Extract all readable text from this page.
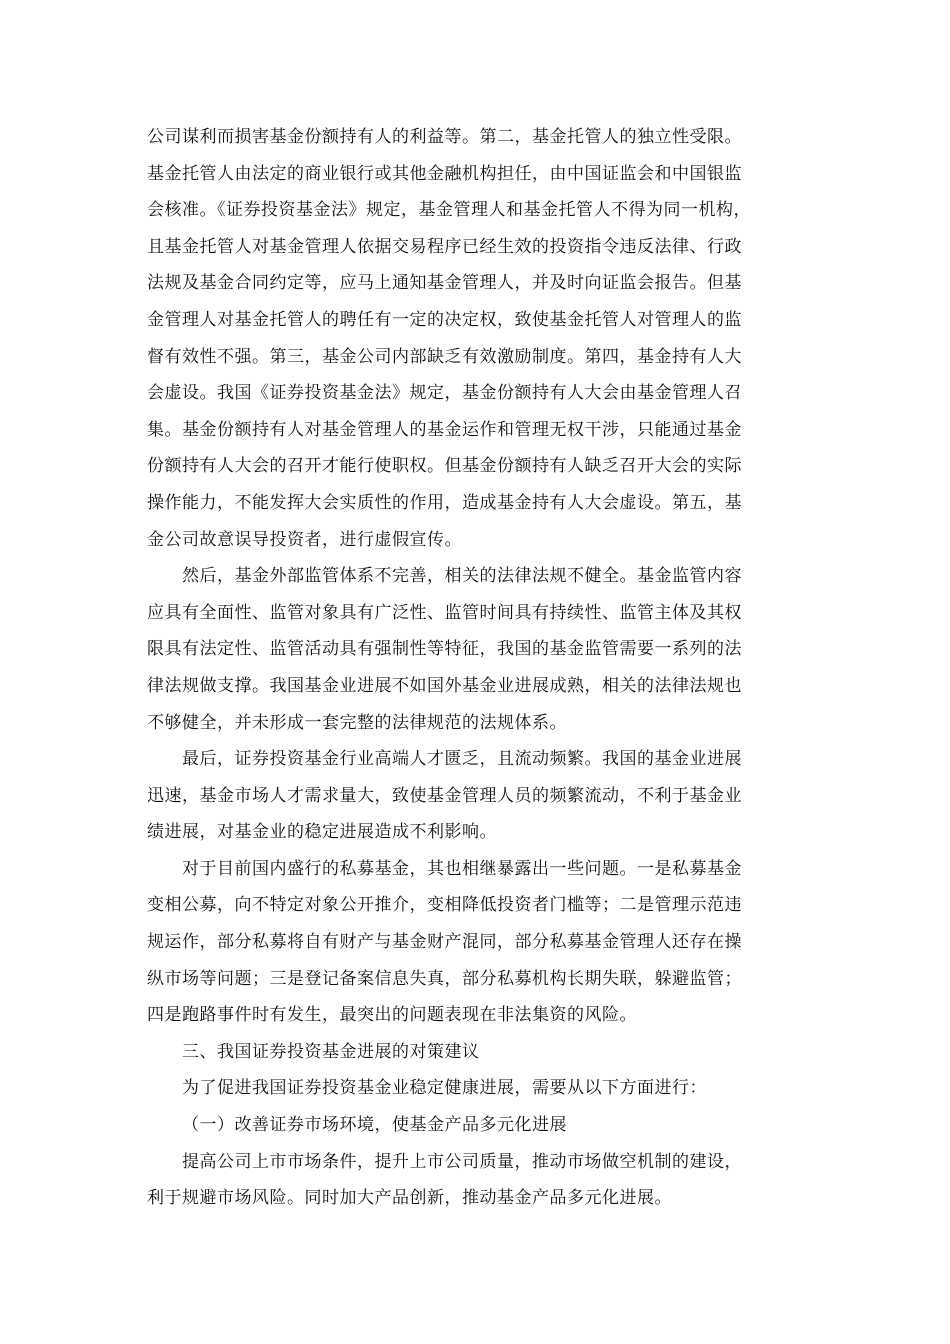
公司谋利而损害基金份额持有人的利益等。第二，基金托管人的独立性受限。
基金托管人由法定的商业银行或其他金融机构担任，由中国证监会和中国银监
会核准。《证券投资基金法》规定，基金管理人和基金托管人不得为同一机构，
且基金托管人对基金管理人依据交易程序已经生效的投资指令违反法律、行政
法规及基金合同约定等，应马上通知基金管理人，并及时向证监会报告。但基
金管理人对基金托管人的聘任有一定的决定权，致使基金托管人对管理人的监
督有效性不强。第三，基金公司内部缺乏有效激励制度。第四，基金持有人大
会虚设。我国《证券投资基金法》规定，基金份额持有人大会由基金管理人召
集。基金份额持有人对基金管理人的基金运作和管理无权干涉，只能通过基金
份额持有人大会的召开才能行使职权。但基金份额持有人缺乏召开大会的实际
操作能力，不能发挥大会实质性的作用，造成基金持有人大会虚设。第五，基
金公司故意误导投资者，进行虚假宣传。
然后，基金外部监管体系不完善，相关的法律法规不健全。基金监管内容
应具有全面性、监管对象具有广泛性、监管时间具有持续性、监管主体及其权
限具有法定性、监管活动具有强制性等特征，我国的基金监管需要一系列的法
律法规做支撑。我国基金业进展不如国外基金业进展成熟，相关的法律法规也
不够健全，并未形成一套完整的法律规范的法规体系。
最后，证券投资基金行业高端人才匮乏，且流动频繁。我国的基金业进展
迅速，基金市场人才需求量大，致使基金管理人员的频繁流动，不利于基金业
绩进展，对基金业的稳定进展造成不利影响。
对于目前国内盛行的私募基金，其也相继暴露出一些问题。一是私募基金
变相公募，向不特定对象公开推介，变相降低投资者门槛等；二是管理示范违
规运作，部分私募将自有财产与基金财产混同，部分私募基金管理人还存在操
纵市场等问题；三是登记备案信息失真，部分私募机构长期失联，躲避监管；
四是跑路事件时有发生，最突出的问题表现在非法集资的风险。
三、我国证券投资基金进展的对策建议
为了促进我国证券投资基金业稳定健康进展，需要从以下方面进行：
（一）改善证券市场环境，使基金产品多元化进展
提高公司上市市场条件，提升上市公司质量，推动市场做空机制的建设，
利于规避市场风险。同时加大产品创新，推动基金产品多元化进展。
